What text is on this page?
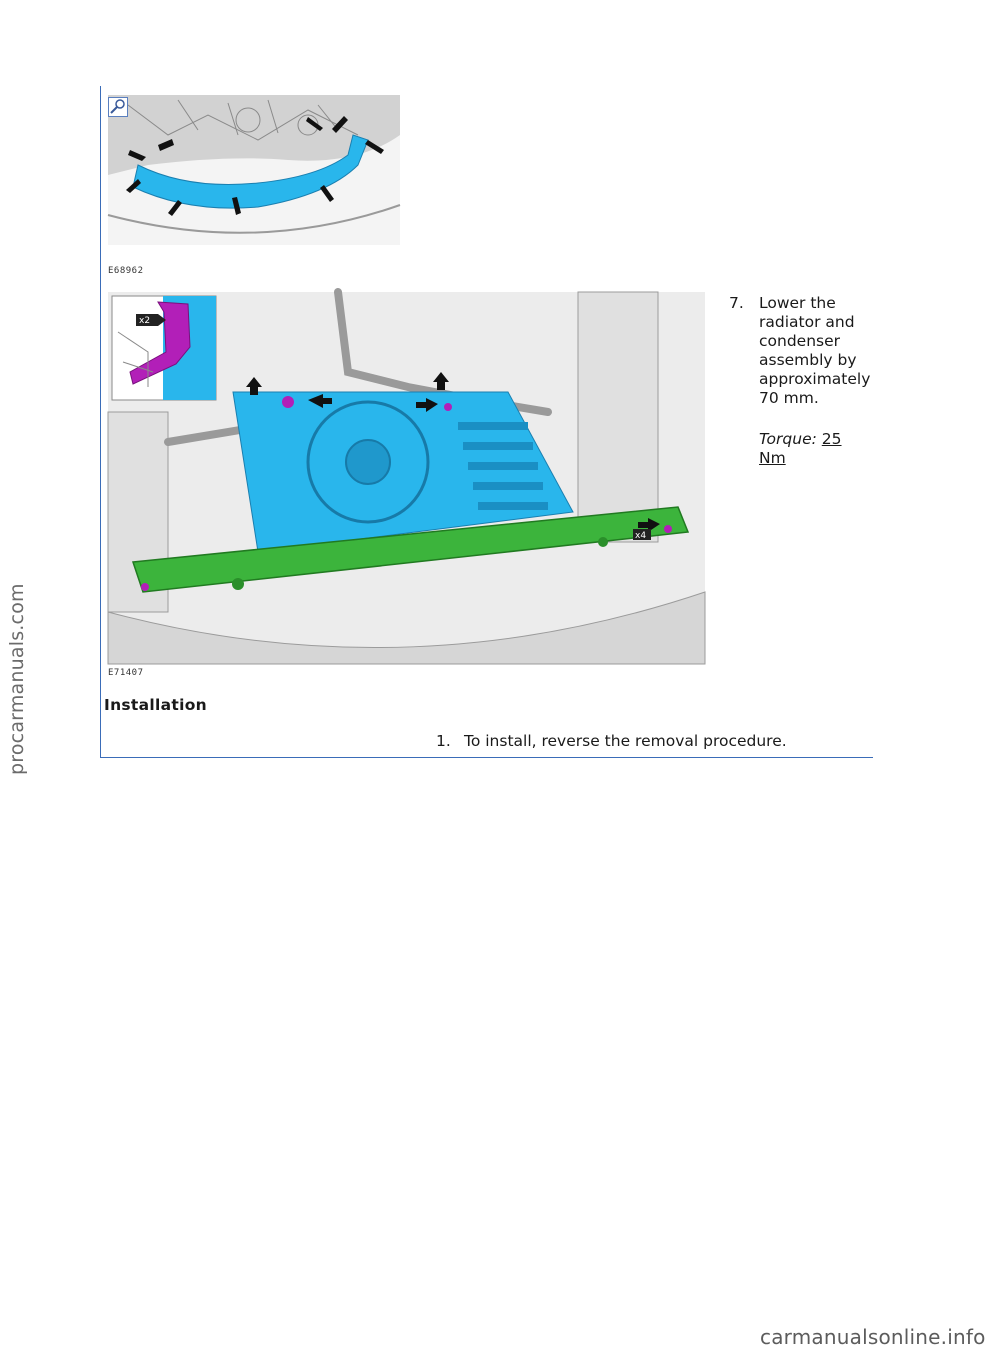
procarmanuals.com
E68962
x2
x4
E71407
7. Lower the radiator and condenser assembly by approximately 70 mm.
Torque: 25 Nm
Installation
1. To install, reverse the removal procedure.
carmanualsonline.info
